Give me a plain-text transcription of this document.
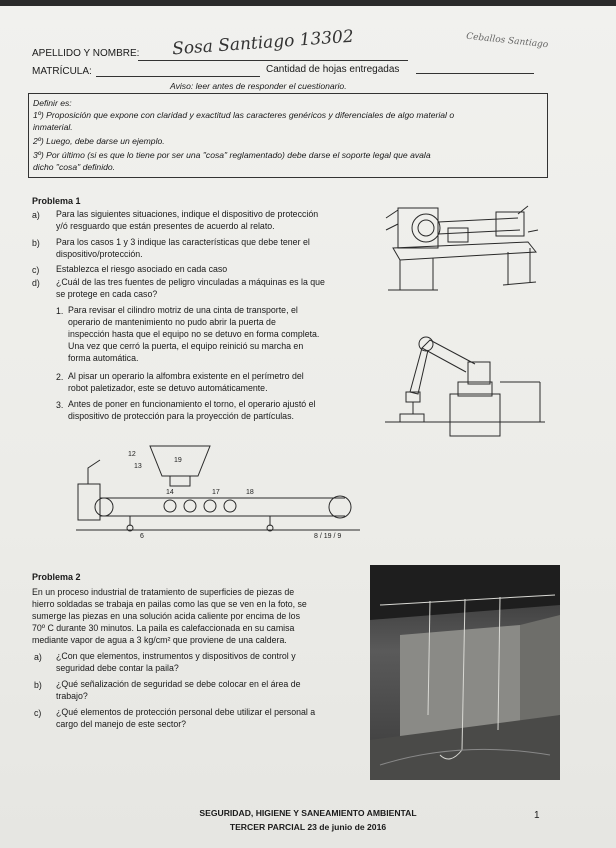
APELLIDO Y NOMBRE: Sosa Santiago 13302	Ceballos Santiago
MATRÍCULA:	Cantidad de hojas entregadas
Aviso: leer antes de responder el cuestionario.
Definir es:
1º) Proposición que expone con claridad y exactitud las caracteres genéricos y diferenciales de algo material o
inmaterial.
2º) Luego, debe darse un ejemplo.
3º) Por último (si es que lo tiene por ser una "cosa" reglamentado) debe darse el soporte legal que avala
dicho "cosa" definido.
Problema 1
a) Para las siguientes situaciones, indique el dispositivo de protección
y/ó resguardo que están presentes de acuerdo al relato.
b) Para los casos 1 y 3 indique las características que debe tener el
dispositivo/protección.
c) Establezca el riesgo asociado en cada caso
d) ¿Cuál de las tres fuentes de peligro vinculadas a máquinas es la que
se protege en cada caso?
1. Para revisar el cilindro motriz de una cinta de transporte, el
operario de mantenimiento no pudo abrir la puerta de
inspección hasta que el equipo no se detuvo en forma completa.
Una vez que cerró la puerta, el equipo reinició su marcha en
forma automática.
2. Al pisar un operario la alfombra existente en el perímetro del
robot paletizador, este se detuvo automáticamente.
3. Antes de poner en funcionamiento el torno, el operario ajustó el
dispositivo de protección para la proyección de partículas.
19
12
13
14
6
17	18
8 / 19 / 9
Problema 2
En un proceso industrial de tratamiento de superficies de piezas de
hierro soldadas se trabaja en pailas como las que se ven en la foto, se
sumerge las piezas en una solución acida caliente por encima de los
70º C durante 30 minutos. La paila es calefaccionada en su camisa
mediante vapor de agua a 3 kg/cm² que proviene de una caldera.
a) ¿Con que elementos, instrumentos y dispositivos de control y
seguridad debe contar la paila?
b) ¿Qué señalización de seguridad se debe colocar en el área de
trabajo?
c) ¿Qué elementos de protección personal debe utilizar el personal a
cargo del manejo de este sector?
SEGURIDAD, HIGIENE Y SANEAMIENTO AMBIENTAL
TERCER PARCIAL 23 de junio de 2016
1
